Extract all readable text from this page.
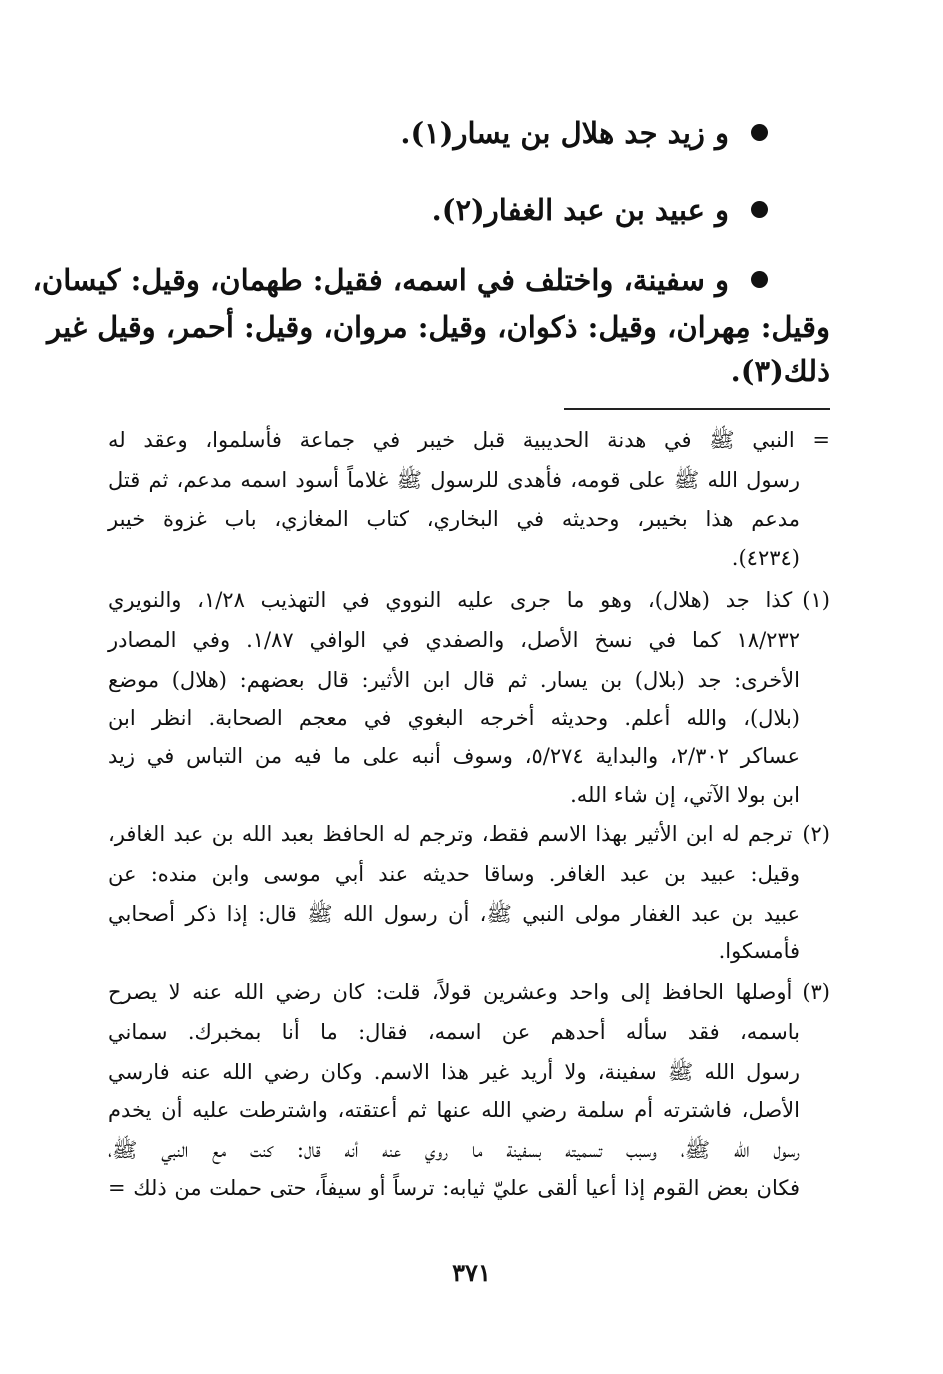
و زيد جد هلال بن يسار(١).
و عبيد بن عبد الغفار(٢).
و سفينة، واختلف في اسمه، فقيل: طهمان، وقيل: كيسان،
وقيل: مِهران، وقيل: ذكوان، وقيل: مروان، وقيل: أحمر، وقيل غير
ذلك(٣).
= النبي ﷺ في هدنة الحديبية قبل خيبر في جماعة فأسلموا، وعقد له
رسول الله ﷺ على قومه، فأهدى للرسول ﷺ غلاماً أسود اسمه مدعم، ثم قتل
مدعم هذا بخيبر، وحديثه في البخاري، كتاب المغازي، باب غزوة خيبر
(٤٢٣٤).
(١)كذا جد (هلال)، وهو ما جرى عليه النووي في التهذيب ١/٢٨، والنويري
١٨/٢٣٢ كما في نسخ الأصل، والصفدي في الوافي ١/٨٧. وفي المصادر
الأخرى: جد (بلال) بن يسار. ثم قال ابن الأثير: قال بعضهم: (هلال) موضع
(بلال)، والله أعلم. وحديثه أخرجه البغوي في معجم الصحابة. انظر ابن
عساكر ٢/٣٠٢، والبداية ٥/٢٧٤، وسوف أنبه على ما فيه من التباس في زيد
ابن بولا الآتي، إن شاء الله.
(٢)ترجم له ابن الأثير بهذا الاسم فقط، وترجم له الحافظ بعبد الله بن عبد الغافر،
وقيل: عبيد بن عبد الغافر. وساقا حديثه عند أبي موسى وابن منده: عن
عبيد بن عبد الغفار مولى النبي ﷺ، أن رسول الله ﷺ قال: إذا ذكر أصحابي
فأمسكوا.
(٣)أوصلها الحافظ إلى واحد وعشرين قولاً، قلت: كان رضي الله عنه لا يصرح
باسمه، فقد سأله أحدهم عن اسمه، فقال: ما أنا بمخبرك. سماني
رسول الله ﷺ سفينة، ولا أريد غير هذا الاسم. وكان رضي الله عنه فارسي
الأصل، فاشترته أم سلمة رضي الله عنها ثم أعتقته، واشترطت عليه أن يخدم
رسول الله ﷺ، وسبب تسميته بسفينة ما روي عنه أنه قال: كنت مع النبي ﷺ،
فكان بعض القوم إذا أعيا ألقى عليّ ثيابه: ترساً أو سيفاً، حتى حملت من ذلك =
٣٧١
